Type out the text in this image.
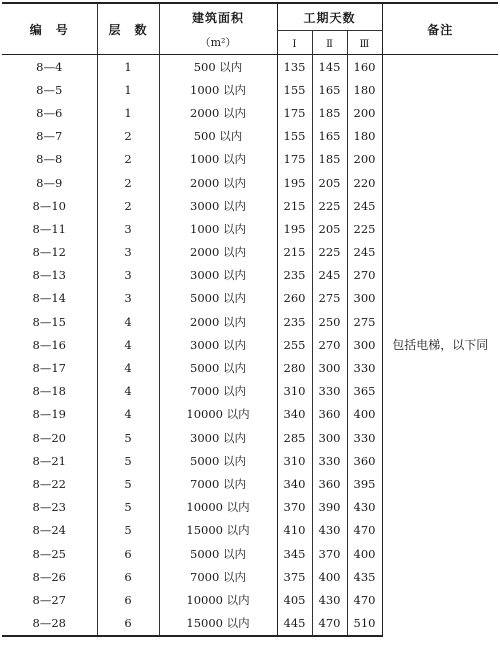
编　号	层　数	建筑面积	工期天数			备注
		（m²）	Ⅰ	Ⅱ	Ⅲ	
8—4	1	500 以内	135	145	160	包括电梯，以下同
8—5	1	1000 以内	155	165	180	
8—6	1	2000 以内	175	185	200	
8—7	2	500 以内	155	165	180	
8—8	2	1000 以内	175	185	200	
8—9	2	2000 以内	195	205	220	
8—10	2	3000 以内	215	225	245	
8—11	3	1000 以内	195	205	225	
8—12	3	2000 以内	215	225	245	
8—13	3	3000 以内	235	245	270	
8—14	3	5000 以内	260	275	300	
8—15	4	2000 以内	235	250	275	
8—16	4	3000 以内	255	270	300	
8—17	4	5000 以内	280	300	330	
8—18	4	7000 以内	310	330	365	
8—19	4	10000 以内	340	360	400	
8—20	5	3000 以内	285	300	330	
8—21	5	5000 以内	310	330	360	
8—22	5	7000 以内	340	360	395	
8—23	5	10000 以内	370	390	430	
8—24	5	15000 以内	410	430	470	
8—25	6	5000 以内	345	370	400	
8—26	6	7000 以内	375	400	435	
8—27	6	10000 以内	405	430	470	
8—28	6	15000 以内	445	470	510	
